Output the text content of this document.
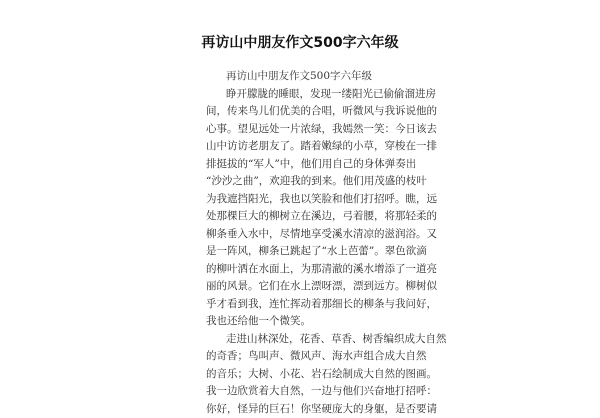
再访山中朋友作文500字六年级
再访山中朋友作文500字六年级
睁开朦胧的睡眼，发现一缕阳光已偷偷溜进房
间，传来鸟儿们优美的合唱，听微风与我诉说他的
心事。望见远处一片浓绿，我嫣然一笑：今日该去
山中访访老朋友了。踏着嫩绿的小草，穿梭在一排
排挺拔的“军人”中，他们用自己的身体弹奏出
“沙沙之曲”，欢迎我的到来。他们用茂盛的枝叶
为我遮挡阳光，我也以笑脸和他们打招呼。瞧，远
处那棵巨大的柳树立在溪边，弓着腰，将那轻柔的
柳条垂入水中，尽情地享受溪水清凉的滋润浴。又
是一阵风，柳条已跳起了“水上芭蕾”。翠色欲滴
的柳叶洒在水面上，为那清澈的溪水增添了一道亮
丽的风景。它们在水上漂呀漂，漂到远方。柳树似
乎才看到我，连忙挥动着那细长的柳条与我问好，
我也还给他一个微笑。
走进山林深处，花香、草香、树香编织成大自然
的奇香；鸟叫声、微风声、海水声组合成大自然
的音乐；大树、小花、岩石绘制成大自然的图画。
我一边欣赏着大自然，一边与他们兴奋地打招呼：
你好，怪异的巨石！你坚硬庞大的身躯，是否要请
